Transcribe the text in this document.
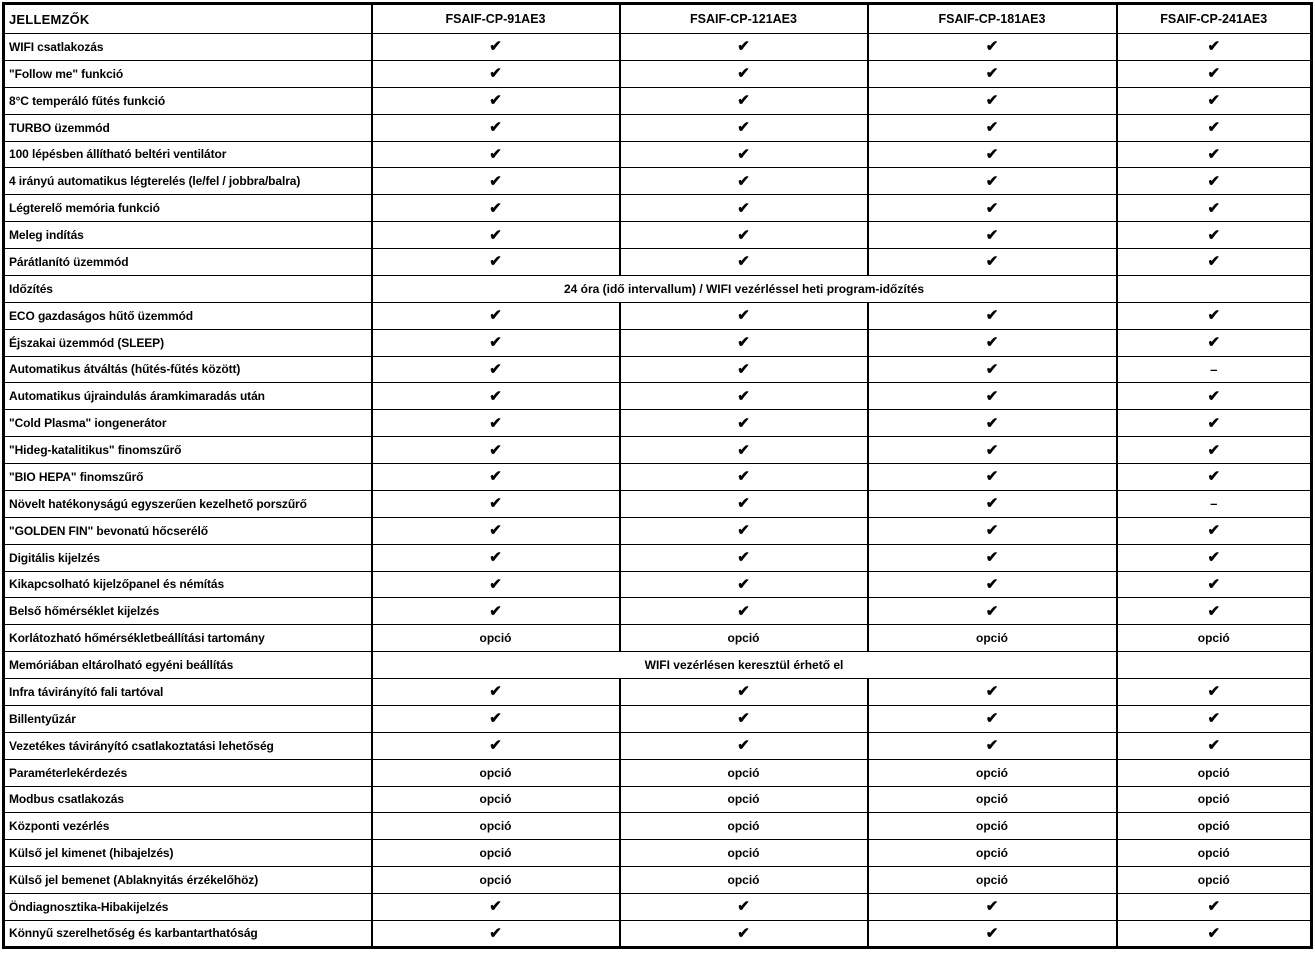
JELLEMZŐK	FSAIF-CP-91AE3	FSAIF-CP-121AE3	FSAIF-CP-181AE3	FSAIF-CP-241AE3
WIFI csatlakozás	✔	✔	✔	✔
"Follow me" funkció	✔	✔	✔	✔
8°C temperáló fűtés funkció	✔	✔	✔	✔
TURBO üzemmód	✔	✔	✔	✔
100 lépésben állítható beltéri ventilátor	✔	✔	✔	✔
4 irányú automatikus légterelés (le/fel / jobbra/balra)	✔	✔	✔	✔
Légterelő memória funkció	✔	✔	✔	✔
Meleg indítás	✔	✔	✔	✔
Párátlanító üzemmód	✔	✔	✔	✔
Időzítés	24 óra (idő intervallum) / WIFI vezérléssel heti program-időzítés			
ECO gazdaságos hűtő üzemmód	✔	✔	✔	✔
Éjszakai üzemmód (SLEEP)	✔	✔	✔	✔
Automatikus átváltás (hűtés-fűtés között)	✔	✔	✔	–
Automatikus újraindulás áramkimaradás után	✔	✔	✔	✔
"Cold Plasma" iongenerátor	✔	✔	✔	✔
"Hideg-katalitikus" finomszűrő	✔	✔	✔	✔
"BIO HEPA" finomszűrő	✔	✔	✔	✔
Növelt hatékonyságú egyszerűen kezelhető porszűrő	✔	✔	✔	–
"GOLDEN FIN" bevonatú hőcserélő	✔	✔	✔	✔
Digitális kijelzés	✔	✔	✔	✔
Kikapcsolható kijelzőpanel és némítás	✔	✔	✔	✔
Belső hőmérséklet kijelzés	✔	✔	✔	✔
Korlátozható hőmérsékletbeállítási tartomány	opció	opció	opció	opció
Memóriában eltárolható egyéni beállítás	WIFI vezérlésen keresztül érhető el			
Infra távirányító fali tartóval	✔	✔	✔	✔
Billentyűzár	✔	✔	✔	✔
Vezetékes távirányító csatlakoztatási lehetőség	✔	✔	✔	✔
Paraméterlekérdezés	opció	opció	opció	opció
Modbus csatlakozás	opció	opció	opció	opció
Központi vezérlés	opció	opció	opció	opció
Külső jel kimenet (hibajelzés)	opció	opció	opció	opció
Külső jel bemenet (Ablaknyitás érzékelőhöz)	opció	opció	opció	opció
Öndiagnosztika-Hibakijelzés	✔	✔	✔	✔
Könnyű szerelhetőség és karbantarthatóság	✔	✔	✔	✔
